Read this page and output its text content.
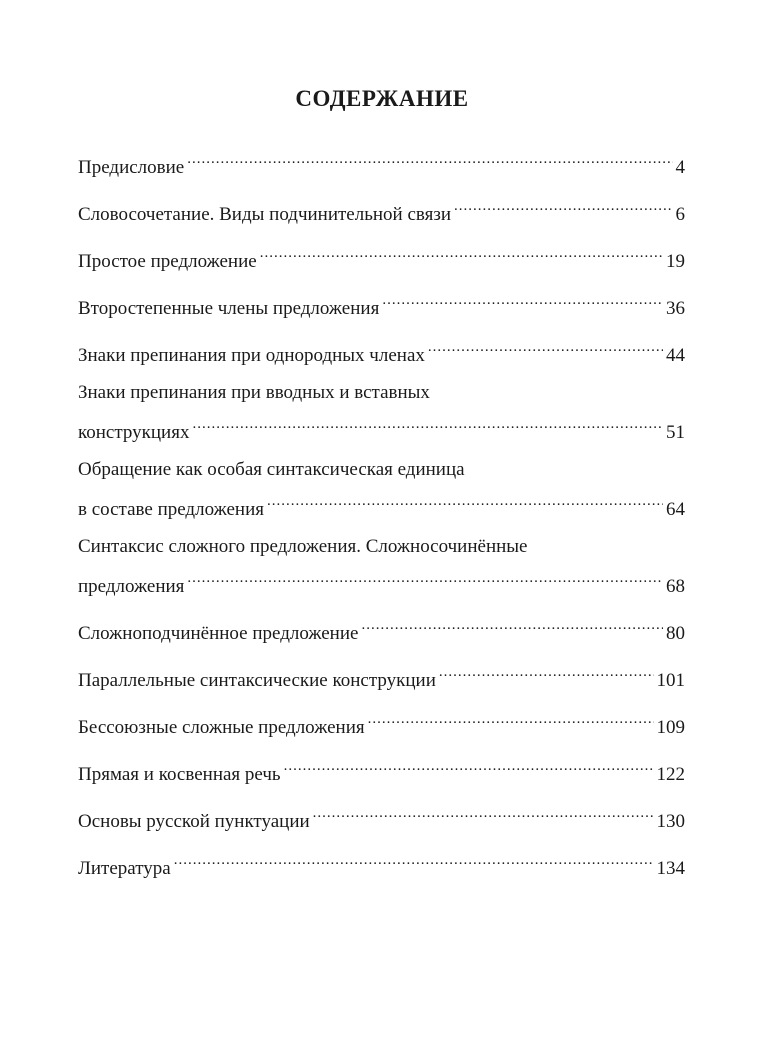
СОДЕРЖАНИЕ
Предисловие .....	4
Словосочетание. Виды подчинительной связи .....	6
Простое предложение .....	19
Второстепенные члены предложения .....	36
Знаки препинания при однородных членах .....	44
Знаки препинания при вводных и вставных
конструкциях .....	51
Обращение как особая синтаксическая единица
в составе предложения .....	64
Синтаксис сложного предложения. Сложносочинённые
предложения .....	68
Сложноподчинённое предложение .....	80
Параллельные синтаксические конструкции .....	101
Бессоюзные сложные предложения .....	109
Прямая и косвенная речь .....	122
Основы русской пунктуации .....	130
Литература .....	134
